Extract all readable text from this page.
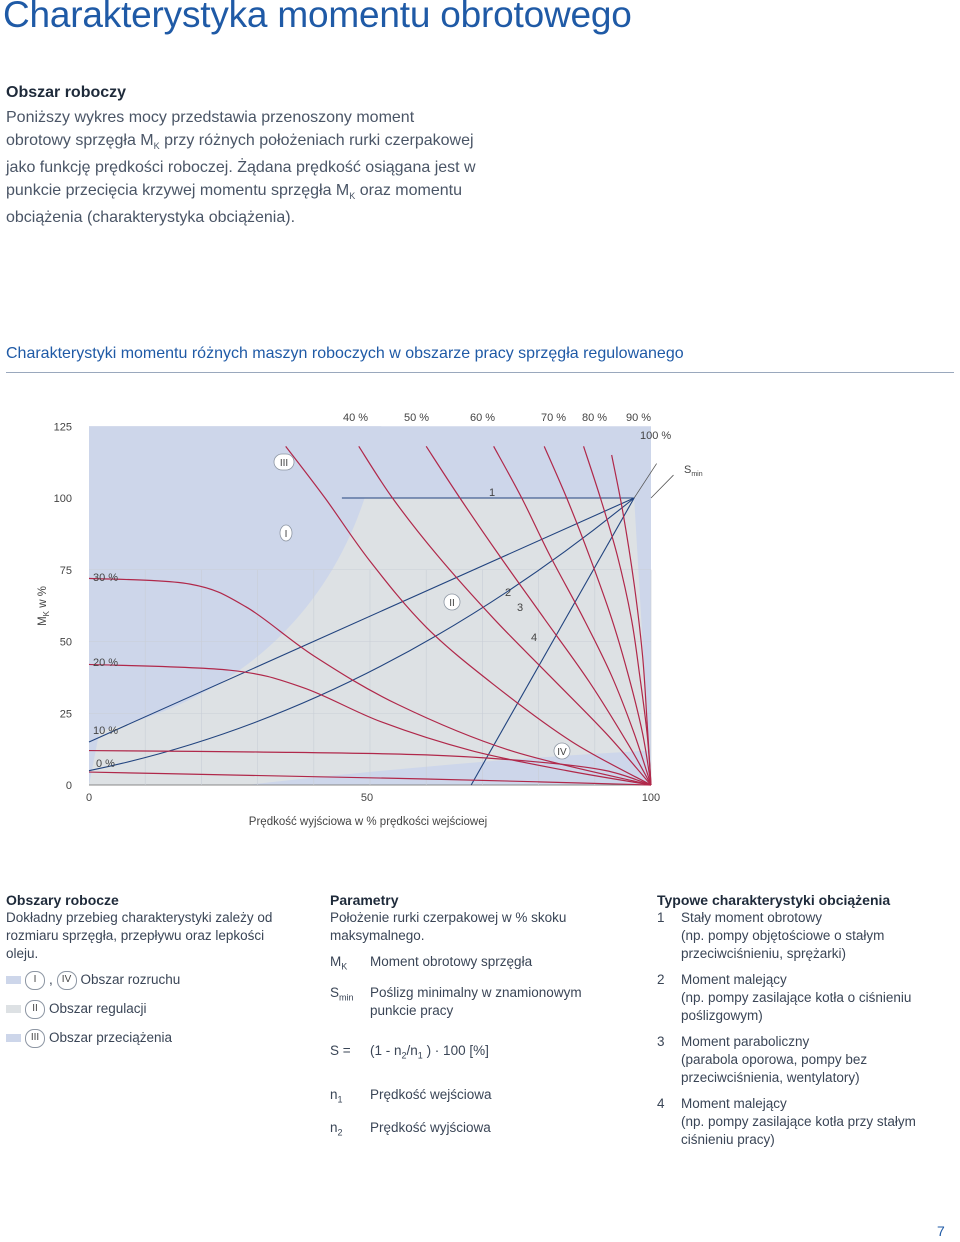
Charakterystyka momentu obrotowego
Obszar roboczy
Poniższy wykres mocy przedstawia przenoszony moment obrotowy sprzęgła $M_K$ przy różnych położeniach rurki czerpakowej jako funkcję prędkości roboczej. Żądana prędkość osiągana jest w punkcie przecięcia krzywej momentu sprzęgła $M_K$ oraz momentu obciążenia (charakterystyka obciążenia).
Charakterystyki momentu różnych maszyn roboczych w obszarze pracy sprzęgła regulowanego
0
25
50
75
100
125
0	50	100
Prędkość wyjściowa w % prędkości wejściowej
$M_K$ w %
0 %
10 %
20 %
30 %
40 %	50 %	60 %	70 % 80 % 90 %
100 %
1
2
3
4
$S_{min}$
I
II
III
IV
Obszary robocze

Dokładny przebieg charakterystyki zależy od rozmiaru sprzęgła, przepływu oraz lepkości oleju.

I ,
IV Obszar rozruchu
II Obszar regulacji
III Obszar przeciążenia
Parametry

Położenie rurki czerpakowej w % skoku maksymalnego.

$M_K$	Moment obrotowy sprzęgła
$S_{min}$	Poślizg minimalny w znamionowym punkcie pracy
S =	($1 - n_2/n_1$ ) · 100 [%]
$n_1$	Prędkość wejściowa
$n_2$	Prędkość wyjściowa
Typowe charakterystyki obciążenia
1	Stały moment obrotowy
(np. pompy objętościowe o stałym przeciwciśnieniu, sprężarki)
2	Moment malejący
(np. pompy zasilające kotła o ciśnieniu poślizgowym)
3	Moment paraboliczny
(parabola oporowa, pompy bez przeciwciśnienia, wentylatory)
4	Moment malejący
(np. pompy zasilające kotła przy stałym ciśnieniu pracy)
7
